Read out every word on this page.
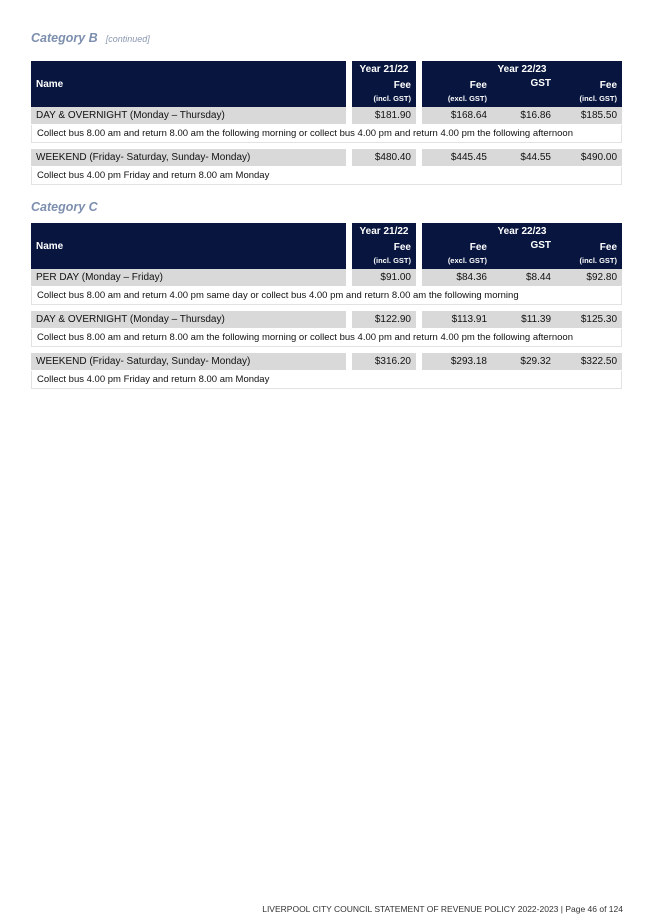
Category B [continued]
Name		Year 21/22		Year 22/23		
		Fee		Fee	GST	Fee
		(incl. GST)		(excl. GST)		(incl. GST)
DAY & OVERNIGHT (Monday – Thursday)		$181.90		$168.64	$16.86	$185.50
Collect bus 8.00 am and return 8.00 am the following morning or collect bus 4.00 pm and return 4.00 pm the following afternoon						

WEEKEND (Friday- Saturday, Sunday- Monday)		$480.40		$445.45	$44.55	$490.00
Collect bus 4.00 pm Friday and return 8.00 am Monday						
Category C
Name		Year 21/22		Year 22/23		
		Fee		Fee	GST	Fee
		(incl. GST)		(excl. GST)		(incl. GST)
PER DAY (Monday – Friday)		$91.00		$84.36	$8.44	$92.80
Collect bus 8.00 am and return 4.00 pm same day or collect bus 4.00 pm and return 8.00 am the following morning						

DAY & OVERNIGHT (Monday – Thursday)		$122.90		$113.91	$11.39	$125.30
Collect bus 8.00 am and return 8.00 am the following morning or collect bus 4.00 pm and return 4.00 pm the following afternoon						

WEEKEND (Friday- Saturday, Sunday- Monday)		$316.20		$293.18	$29.32	$322.50
Collect bus 4.00 pm Friday and return 8.00 am Monday						
LIVERPOOL CITY COUNCIL STATEMENT OF REVENUE POLICY 2022-2023 | Page 46 of 124
